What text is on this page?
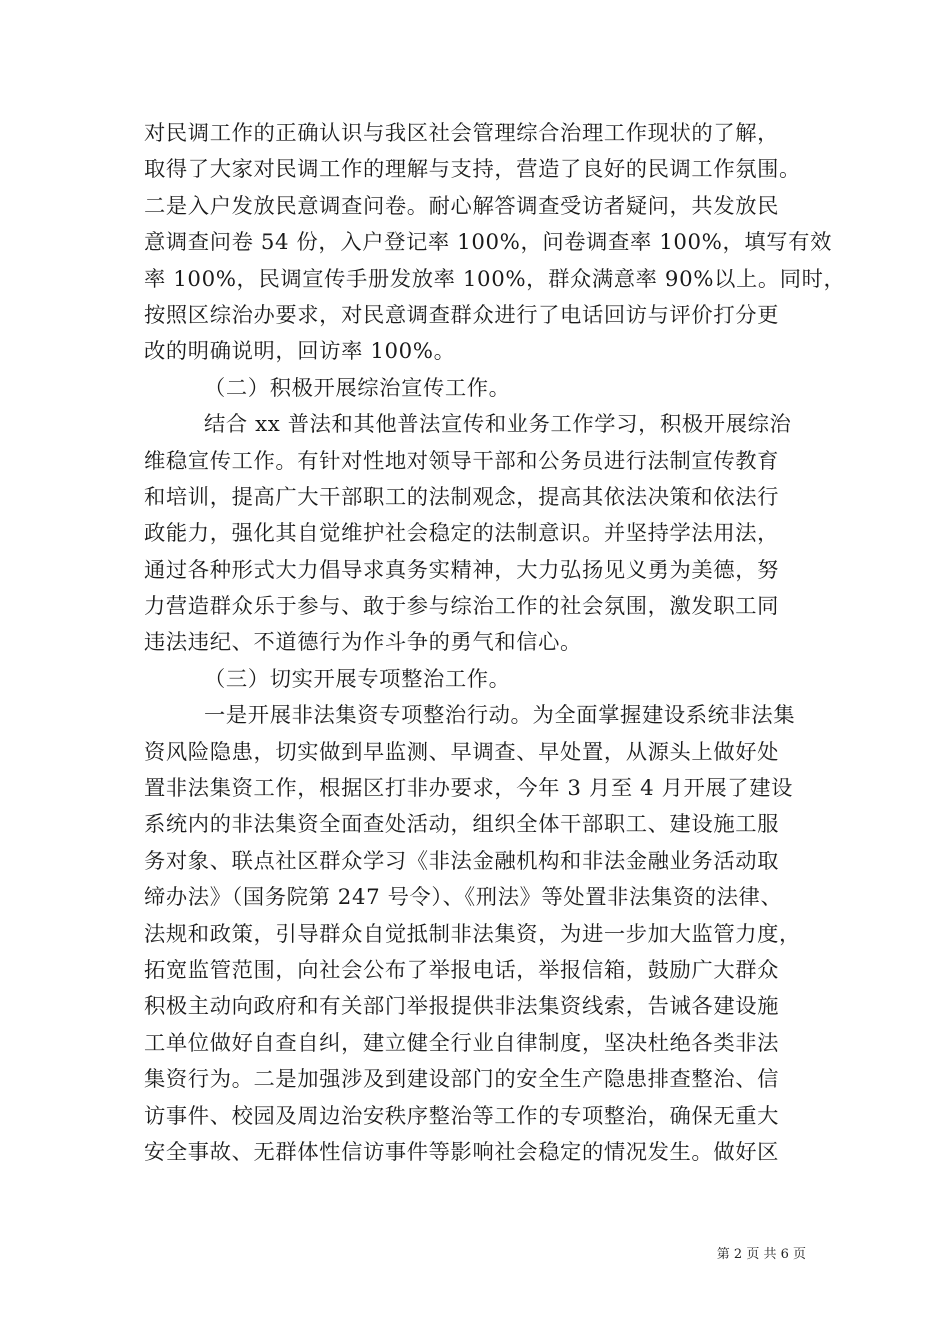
对民调工作的正确认识与我区社会管理综合治理工作现状的了解，
取得了大家对民调工作的理解与支持，营造了良好的民调工作氛围。
二是入户发放民意调查问卷。耐心解答调查受访者疑问，共发放民
意调查问卷 54 份，入户登记率 100%，问卷调查率 100%，填写有效
率 100%，民调宣传手册发放率 100%，群众满意率 90%以上。同时，
按照区综治办要求，对民意调查群众进行了电话回访与评价打分更
改的明确说明，回访率 100%。
（二）积极开展综治宣传工作。
结合 xx 普法和其他普法宣传和业务工作学习，积极开展综治
维稳宣传工作。有针对性地对领导干部和公务员进行法制宣传教育
和培训，提高广大干部职工的法制观念，提高其依法决策和依法行
政能力，强化其自觉维护社会稳定的法制意识。并坚持学法用法，
通过各种形式大力倡导求真务实精神，大力弘扬见义勇为美德，努
力营造群众乐于参与、敢于参与综治工作的社会氛围，激发职工同
违法违纪、不道德行为作斗争的勇气和信心。
（三）切实开展专项整治工作。
一是开展非法集资专项整治行动。为全面掌握建设系统非法集
资风险隐患，切实做到早监测、早调查、早处置，从源头上做好处
置非法集资工作，根据区打非办要求，今年 3 月至 4 月开展了建设
系统内的非法集资全面查处活动，组织全体干部职工、建设施工服
务对象、联点社区群众学习《非法金融机构和非法金融业务活动取
缔办法》（国务院第 247 号令）、《刑法》等处置非法集资的法律、
法规和政策，引导群众自觉抵制非法集资，为进一步加大监管力度，
拓宽监管范围，向社会公布了举报电话，举报信箱，鼓励广大群众
积极主动向政府和有关部门举报提供非法集资线索，告诫各建设施
工单位做好自查自纠，建立健全行业自律制度，坚决杜绝各类非法
集资行为。二是加强涉及到建设部门的安全生产隐患排查整治、信
访事件、校园及周边治安秩序整治等工作的专项整治，确保无重大
安全事故、无群体性信访事件等影响社会稳定的情况发生。做好区
第 2 页 共 6 页
